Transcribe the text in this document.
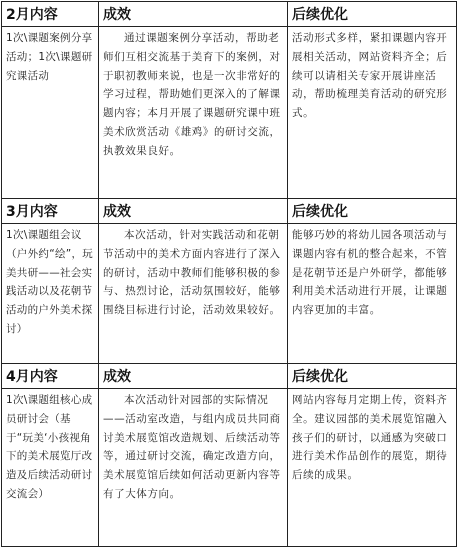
2月内容	成效	后续优化
1次\课题案例分享活动；1次\课题研究课活动	通过课题案例分享活动，帮助老师们互相交流基于美育下的案例，对于职初教师来说，也是一次非常好的学习过程，帮助她们更深入的了解课题内容；本月开展了课题研究课中班美术欣赏活动《雄鸡》的研讨交流，执教效果良好。	活动形式多样，紧扣课题内容开展相关活动，网站资料齐全；后续可以请相关专家开展讲座活动，帮助梳理美育活动的研究形式。
3月内容	成效	后续优化
1次\课题组会议（户外约“绘”，玩美共研——社会实践活动以及花朝节活动的户外美术探讨）	本次活动，针对实践活动和花朝节活动中的美术方面内容进行了深入的研讨，活动中教师们能够积极的参与、热烈讨论，活动氛围较好，能够围绕目标进行讨论，活动效果较好。	能够巧妙的将幼儿园各项活动与课题内容有机的整合起来，不管是花朝节还是户外研学，都能够利用美术活动进行开展，让课题内容更加的丰富。
4月内容	成效	后续优化
1次\课题组核心成员研讨会（基于“玩美‘小孩视角下的美术展览厅改造及后续活动研讨交流会）	本次活动针对园部的实际情况——活动室改造，与组内成员共同商讨美术展览馆改造规划、后续活动等等，通过研讨交流，确定改造方向，美术展览馆后续如何活动更新内容等有了大体方向。	网站内容每月定期上传，资料齐全。建议园部的美术展览馆融入孩子们的研讨，以通感为突破口进行美术作品创作的展览，期待后续的成果。
